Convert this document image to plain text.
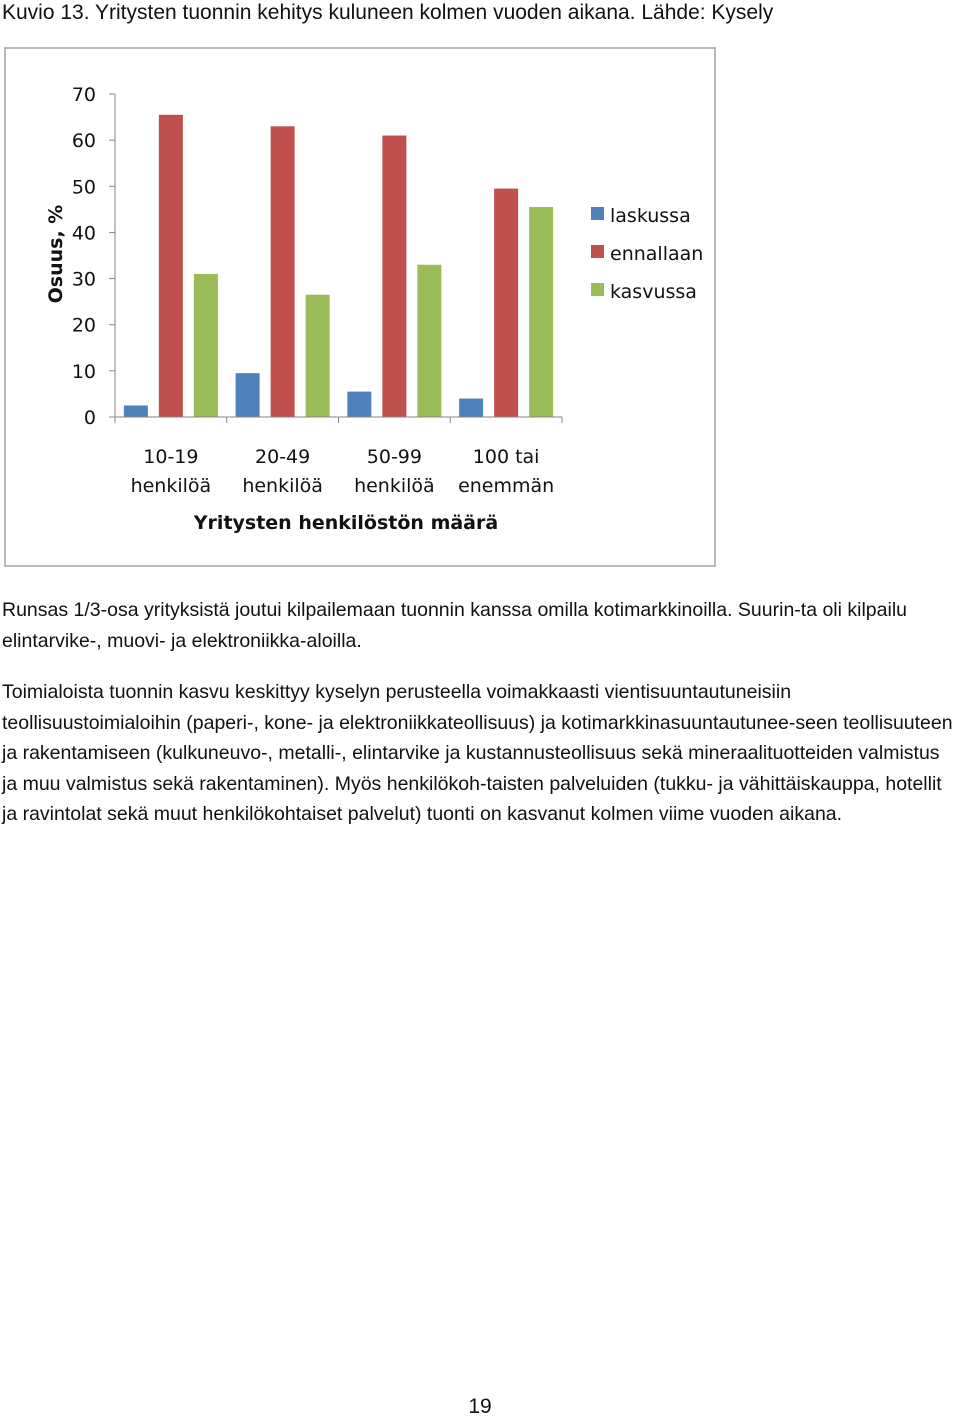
Kuvio 13. Yritysten tuonnin kehitys kuluneen kolmen vuoden aikana. Lähde: Kysely
0
10
20
30
40
50
60
70
10-19 henkilöä
20-49 henkilöä
50-99 henkilöä
100 tai enemmän
Yritysten henkilöstön määrä
Osuus, %	laskussa
ennallaan
kasvussa

Runsas 1/3-osa yrityksistä joutui kilpailemaan tuonnin kanssa omilla kotimarkkinoilla. Suurin-ta oli kilpailu elintarvike-, muovi- ja elektroniikka-aloilla.

Toimialoista tuonnin kasvu keskittyy kyselyn perusteella voimakkaasti vientisuuntautuneisiin teollisuustoimialoihin (paperi-, kone- ja elektroniikkateollisuus) ja kotimarkkinasuuntautunee-seen teollisuuteen ja rakentamiseen (kulkuneuvo-, metalli-, elintarvike ja kustannusteollisuus sekä mineraalituotteiden valmistus ja muu valmistus sekä rakentaminen). Myös henkilökoh-taisten palveluiden (tukku- ja vähittäiskauppa, hotellit ja ravintolat sekä muut henkilökohtaiset palvelut) tuonti on kasvanut kolmen viime vuoden aikana.

19
